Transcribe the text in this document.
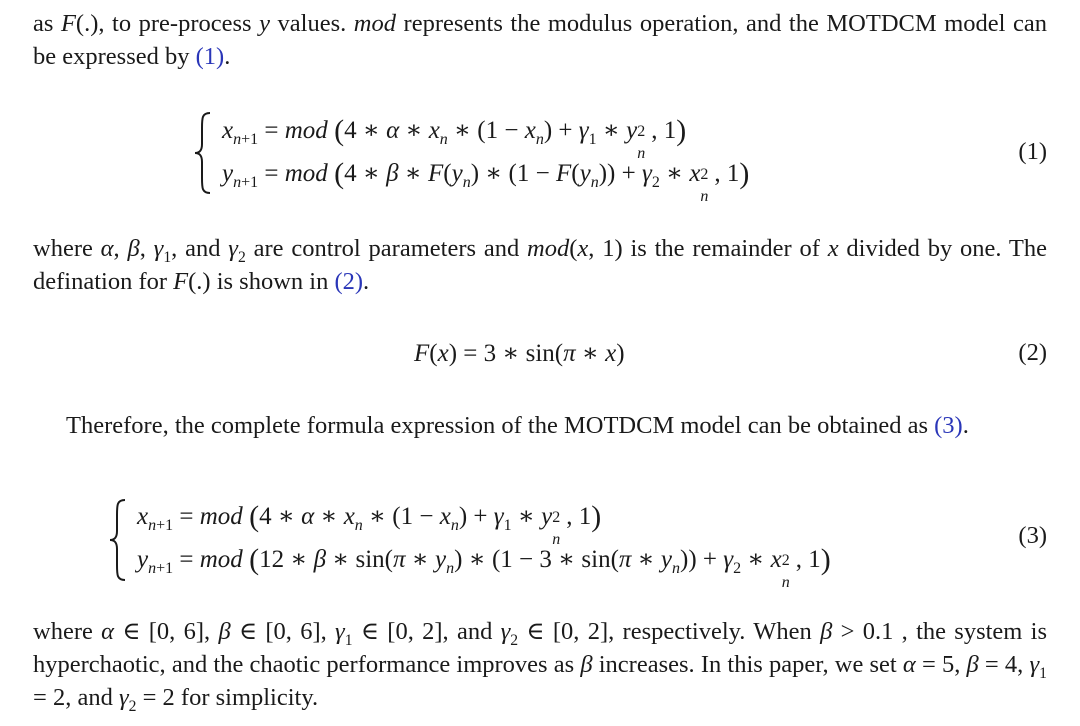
as F(.), to pre-process y values. mod represents the modulus operation, and the MOTDCM model can be expressed by (1).

$x_{n+1}$ = mod (4 ∗ α ∗ $x_n$ ∗ $(1 - x_n) + \gamma_1$ ∗ y 2
n
, 1)
$y_{n+1}$ = mod (4 ∗ β ∗ $F(y_n)$ ∗ $(1 - F(y_n)) + \gamma_2$ ∗ x 2
n
, 1)
(1)

where α, β, $\gamma_1$, and $\gamma_2$ are control parameters and mod(x, 1) is the remainder of x divided by one. The defination for F(.) is shown in (2).

F(x) = 3 ∗ sin(π ∗ x)	(2)

Therefore, the complete formula expression of the MOTDCM model can be obtained as (3).

$x_{n+1}$ = mod (4 ∗ α ∗ $x_n$ ∗ $(1 - x_n) + \gamma_1$ ∗ y 2
n
, 1)
$y_{n+1}$ = mod (12 ∗ β ∗ sin(π ∗ $y_n$) ∗ (1 − 3 ∗ sin(π ∗ $y_n)) + \gamma_2$ ∗ x 2
n
, 1)
(3)

where α ∈ [0, 6], β ∈ [0, 6], $\gamma_1$ ∈ [0, 2], and $\gamma_2$ ∈ [0, 2], respectively. When β > 0.1 , the system is hyperchaotic, and the chaotic performance improves as β increases. In this paper, we set α = 5, β = 4, $\gamma_1 = 2$, and $\gamma_2 = 2$ for simplicity.
